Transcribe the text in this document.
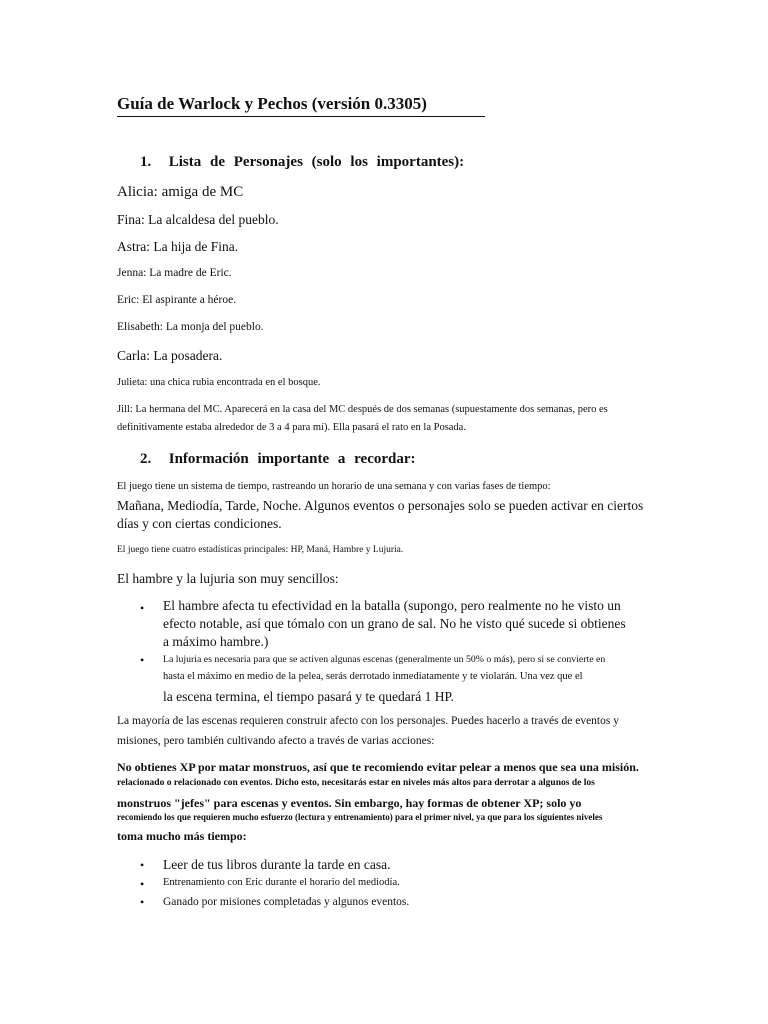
Guía de Warlock y Pechos (versión 0.3305)
1.  Lista de Personajes (solo los importantes):
Alicia: amiga de MC
Fina: La alcaldesa del pueblo.
Astra: La hija de Fina.
Jenna: La madre de Eric.
Eric: El aspirante a héroe.
Elisabeth: La monja del pueblo.
Carla: La posadera.
Julieta: una chica rubia encontrada en el bosque.
Jill: La hermana del MC. Aparecerá en la casa del MC después de dos semanas (supuestamente dos semanas, pero es
definitivamente estaba alrededor de 3 a 4 para mí). Ella pasará el rato en la Posada.
2.  Información importante a recordar:
El juego tiene un sistema de tiempo, rastreando un horario de una semana y con varias fases de tiempo:
Mañana, Mediodía, Tarde, Noche. Algunos eventos o personajes solo se pueden activar en ciertos
días y con ciertas condiciones.
El juego tiene cuatro estadísticas principales: HP, Maná, Hambre y Lujuria.
El hambre y la lujuria son muy sencillos:
• El hambre afecta tu efectividad en la batalla (supongo, pero realmente no he visto un
efecto notable, así que tómalo con un grano de sal. No he visto qué sucede si obtienes
a máximo hambre.)
• La lujuria es necesaria para que se activen algunas escenas (generalmente un 50% o más), pero si se convierte en
hasta el máximo en medio de la pelea, serás derrotado inmediatamente y te violarán. Una vez que el
la escena termina, el tiempo pasará y te quedará 1 HP.
La mayoría de las escenas requieren construir afecto con los personajes. Puedes hacerlo a través de eventos y
misiones, pero también cultivando afecto a través de varias acciones:
No obtienes XP por matar monstruos, así que te recomiendo evitar pelear a menos que sea una misión.
relacionado o relacionado con eventos. Dicho esto, necesitarás estar en niveles más altos para derrotar a algunos de los
monstruos "jefes" para escenas y eventos. Sin embargo, hay formas de obtener XP; solo yo
recomiendo los que requieren mucho esfuerzo (lectura y entrenamiento) para el primer nivel, ya que para los siguientes niveles
toma mucho más tiempo:
• Leer de tus libros durante la tarde en casa.
• Entrenamiento con Eric durante el horario del mediodía.
• Ganado por misiones completadas y algunos eventos.
